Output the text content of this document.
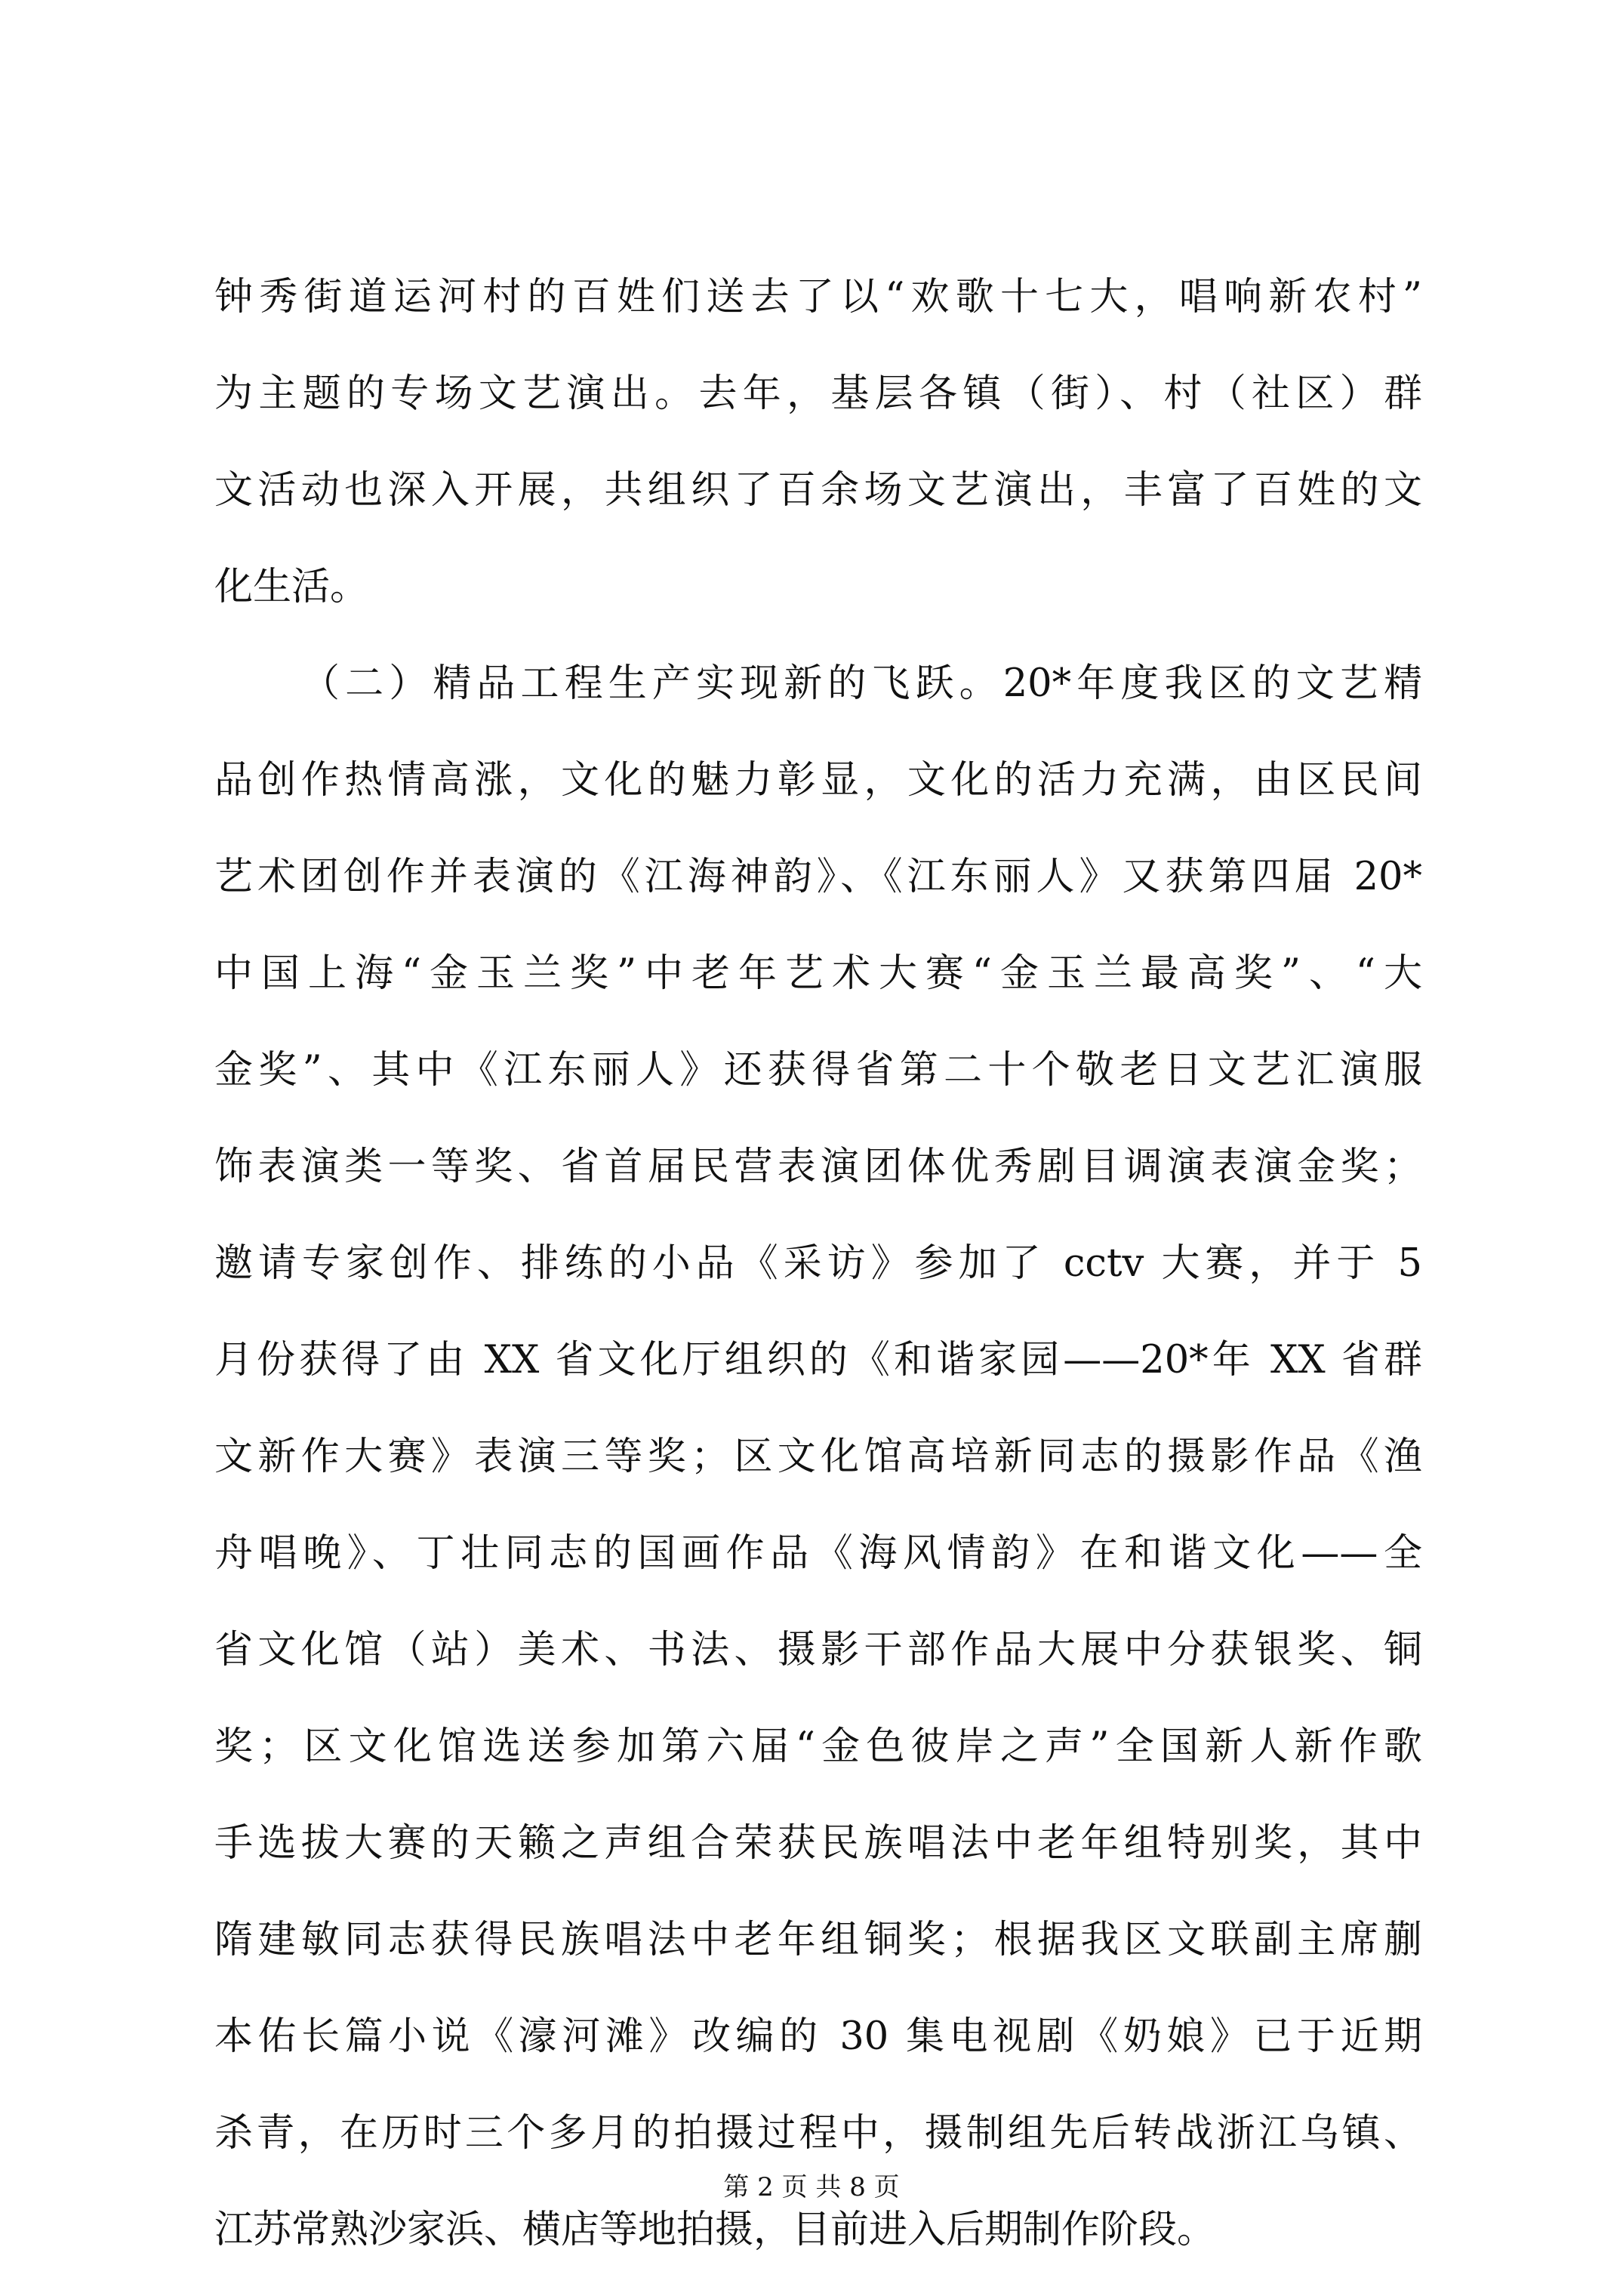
钟秀街道运河村的百姓们送去了以“欢歌十七大，唱响新农村”
为主题的专场文艺演出。去年，基层各镇（街）、村（社区）群
文活动也深入开展，共组织了百余场文艺演出，丰富了百姓的文
化生活。
（二）精品工程生产实现新的飞跃。20*年度我区的文艺精
品创作热情高涨，文化的魅力彰显，文化的活力充满，由区民间
艺术团创作并表演的《江海神韵》、《江东丽人》又获第四届 20*
中国上海“金玉兰奖”中老年艺术大赛“金玉兰最高奖”、“大
金奖”、其中《江东丽人》还获得省第二十个敬老日文艺汇演服
饰表演类一等奖、省首届民营表演团体优秀剧目调演表演金奖；
邀请专家创作、排练的小品《采访》参加了 cctv 大赛，并于 5
月份获得了由 XX 省文化厅组织的《和谐家园——20*年 XX 省群
文新作大赛》表演三等奖；区文化馆高培新同志的摄影作品《渔
舟唱晚》、丁壮同志的国画作品《海风情韵》在和谐文化——全
省文化馆（站）美术、书法、摄影干部作品大展中分获银奖、铜
奖；区文化馆选送参加第六届“金色彼岸之声”全国新人新作歌
手选拔大赛的天籁之声组合荣获民族唱法中老年组特别奖，其中
隋建敏同志获得民族唱法中老年组铜奖；根据我区文联副主席蒯
本佑长篇小说《濠河滩》改编的 30 集电视剧《奶娘》已于近期
杀青，在历时三个多月的拍摄过程中，摄制组先后转战浙江乌镇、
江苏常熟沙家浜、横店等地拍摄，目前进入后期制作阶段。
第 2 页 共 8 页
